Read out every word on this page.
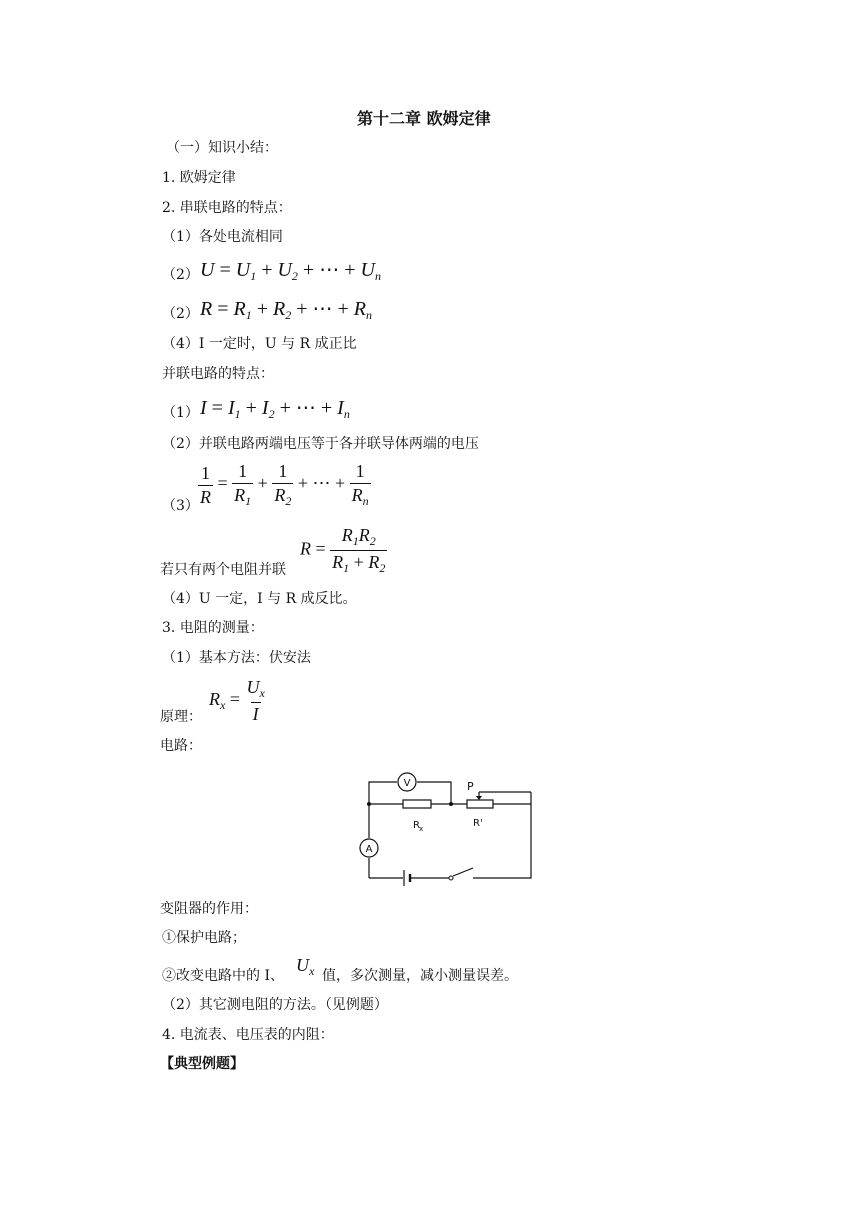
第十二章 欧姆定律
（一）知识小结：
1. 欧姆定律
2. 串联电路的特点：
（1）各处电流相同
（2） $U = U_1 + U_2$ + ⋯ + $U_n$
（2） $R = R_1 + R_2$ + ⋯ + $R_n$
（4）I 一定时，U 与 R 成正比
并联电路的特点：
（1） $I = I_1 + I_2$ + ⋯ + $I_n$
（2）并联电路两端电压等于各并联导体两端的电压
$(3) \frac{1}{R} = \frac{1}{R_1} + \frac{1}{R_2}$ + ⋯ + $\frac{1}{R_n}$
$R = \frac{R_1R_2}{R_1 + R_2}$
若只有两个电阻并联
（4）U 一定，I 与 R 成反比。
3. 电阻的测量：
（1）基本方法：伏安法
$R_x = \frac{U_x}{I}$
原理：
电路：
V
R x
P
R'
A
变阻器的作用：
①保护电路；
②改变电路中的 I、
$U_x$ 值，多次测量，减小测量误差。
（2）其它测电阻的方法。（见例题）
4. 电流表、电压表的内阻：
【典型例题】
